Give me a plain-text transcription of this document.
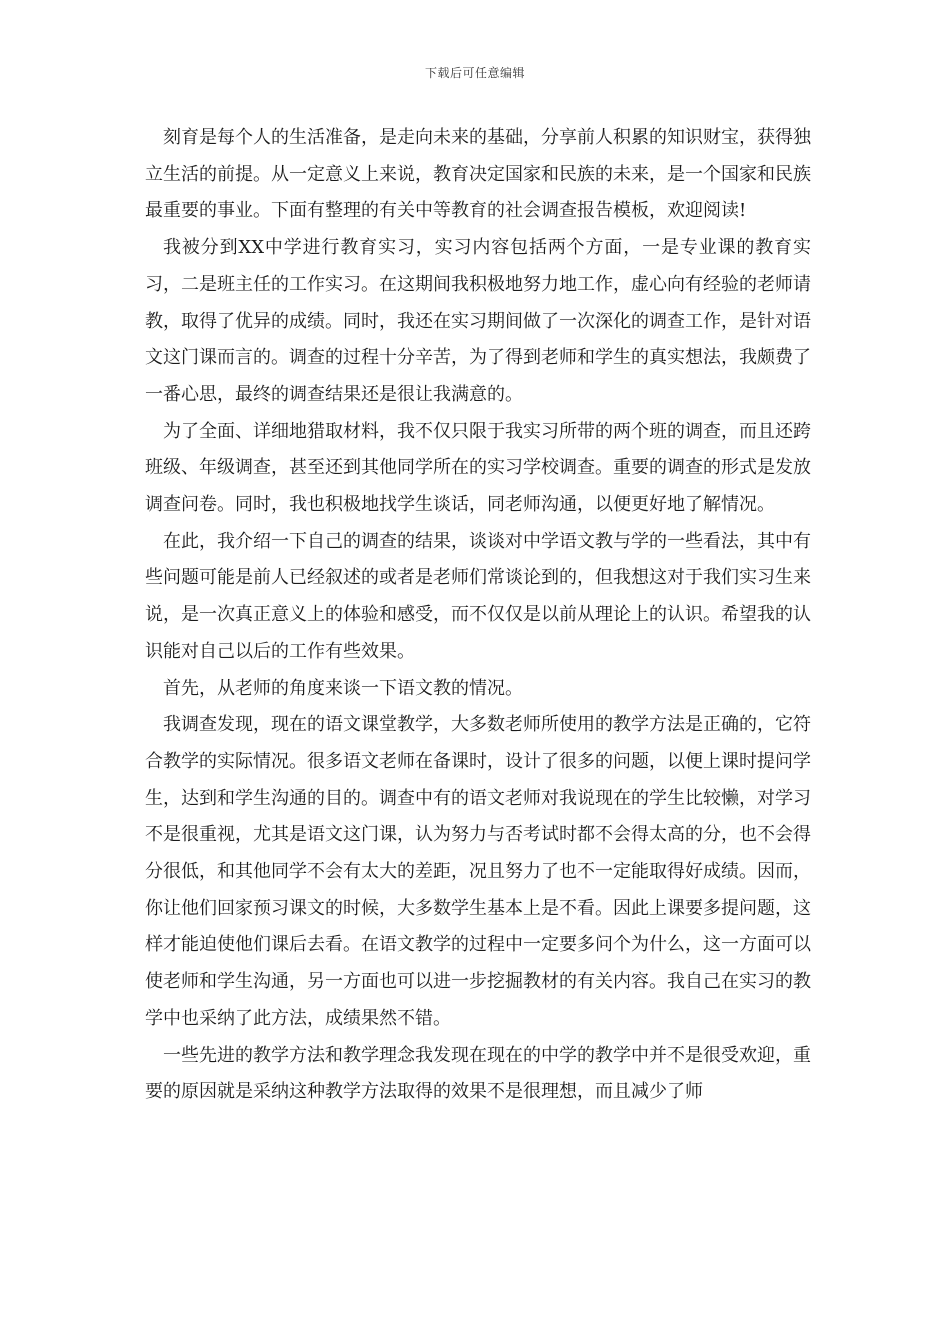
下载后可任意编辑

刻育是每个人的生活准备，是走向未来的基础，分享前人积累的知识财宝，获得独立生活的前提。从一定意义上来说，教育决定国家和民族的未来，是一个国家和民族最重要的事业。下面有整理的有关中等教育的社会调查报告模板，欢迎阅读!

我被分到XX中学进行教育实习，实习内容包括两个方面，一是专业课的教育实习，二是班主任的工作实习。在这期间我积极地努力地工作，虚心向有经验的老师请教，取得了优异的成绩。同时，我还在实习期间做了一次深化的调查工作，是针对语文这门课而言的。调查的过程十分辛苦，为了得到老师和学生的真实想法，我颇费了一番心思，最终的调查结果还是很让我满意的。

为了全面、详细地猎取材料，我不仅只限于我实习所带的两个班的调查，而且还跨班级、年级调查，甚至还到其他同学所在的实习学校调查。重要的调查的形式是发放调查问卷。同时，我也积极地找学生谈话，同老师沟通，以便更好地了解情况。

在此，我介绍一下自己的调查的结果，谈谈对中学语文教与学的一些看法，其中有些问题可能是前人已经叙述的或者是老师们常谈论到的，但我想这对于我们实习生来说，是一次真正意义上的体验和感受，而不仅仅是以前从理论上的认识。希望我的认识能对自己以后的工作有些效果。

首先，从老师的角度来谈一下语文教的情况。

我调查发现，现在的语文课堂教学，大多数老师所使用的教学方法是正确的，它符合教学的实际情况。很多语文老师在备课时，设计了很多的问题，以便上课时提问学生，达到和学生沟通的目的。调查中有的语文老师对我说现在的学生比较懒，对学习不是很重视，尤其是语文这门课，认为努力与否考试时都不会得太高的分，也不会得分很低，和其他同学不会有太大的差距，况且努力了也不一定能取得好成绩。因而，你让他们回家预习课文的时候，大多数学生基本上是不看。因此上课要多提问题，这样才能迫使他们课后去看。在语文教学的过程中一定要多问个为什么，这一方面可以使老师和学生沟通，另一方面也可以进一步挖掘教材的有关内容。我自己在实习的教学中也采纳了此方法，成绩果然不错。

一些先进的教学方法和教学理念我发现在现在的中学的教学中并不是很受欢迎，重要的原因就是采纳这种教学方法取得的效果不是很理想，而且减少了师
